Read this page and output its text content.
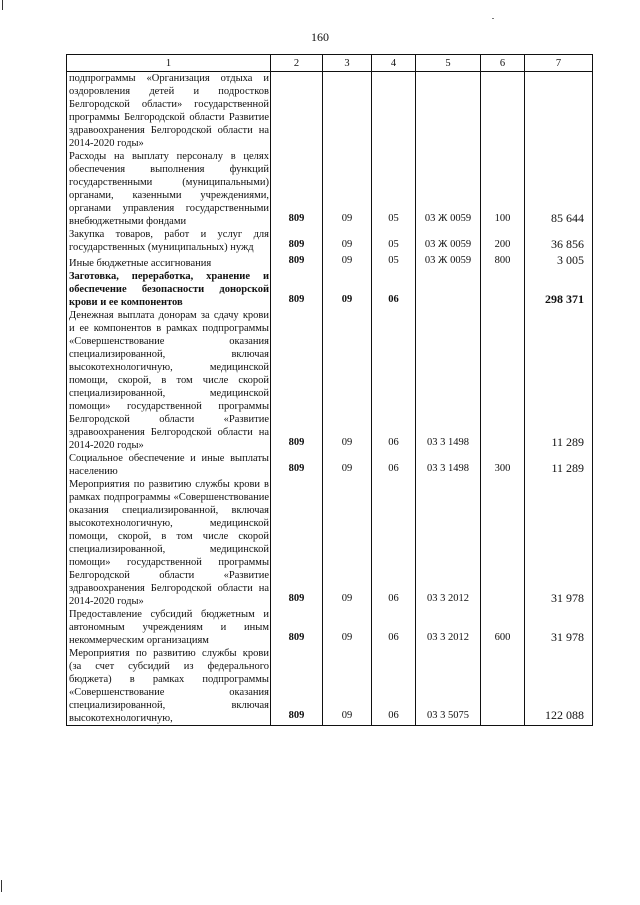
160
1	2	3	4	5	6	7
подпрограммы «Организация отдыха и оздоровления детей и подростков Белгородской области» государственной программы Белгородской области Развитие здравоохранения Белгородской области на 2014-2020 годы»						
Расходы на выплату персоналу в целях обеспечения выполнения функций государственными (муниципальными) органами, казенными учреждениями, органами управления государственными внебюджетными фондами	809	09	05	03 Ж 0059	100	85 644
Закупка товаров, работ и услуг для государственных (муниципальных) нужд	809	09	05	03 Ж 0059	200	36 856
Иные бюджетные ассигнования	809	09	05	03 Ж 0059	800	3 005
Заготовка, переработка, хранение и обеспечение безопасности донорской крови и ее компонентов	809	09	06			298 371
Денежная выплата донорам за сдачу крови и ее компонентов в рамках подпрограммы «Совершенствование оказания специализированной, включая высокотехнологичную, медицинской помощи, скорой, в том числе скорой специализированной, медицинской помощи» государственной программы Белгородской области «Развитие здравоохранения Белгородской области на 2014-2020 годы»	809	09	06	03 3 1498		11 289
Социальное обеспечение и иные выплаты населению	809	09	06	03 3 1498	300	11 289
Мероприятия по развитию службы крови в рамках подпрограммы «Совершенствование оказания специализированной, включая высокотехнологичную, медицинской помощи, скорой, в том числе скорой специализированной, медицинской помощи» государственной программы Белгородской области «Развитие здравоохранения Белгородской области на 2014-2020 годы»	809	09	06	03 3 2012		31 978
Предоставление субсидий бюджетным и автономным учреждениям и иным некоммерческим организациям	809	09	06	03 3 2012	600	31 978
Мероприятия по развитию службы крови (за счет субсидий из федерального бюджета) в рамках подпрограммы «Совершенствование оказания специализированной, включая высокотехнологичную,	809	09	06	03 3 5075		122 088
